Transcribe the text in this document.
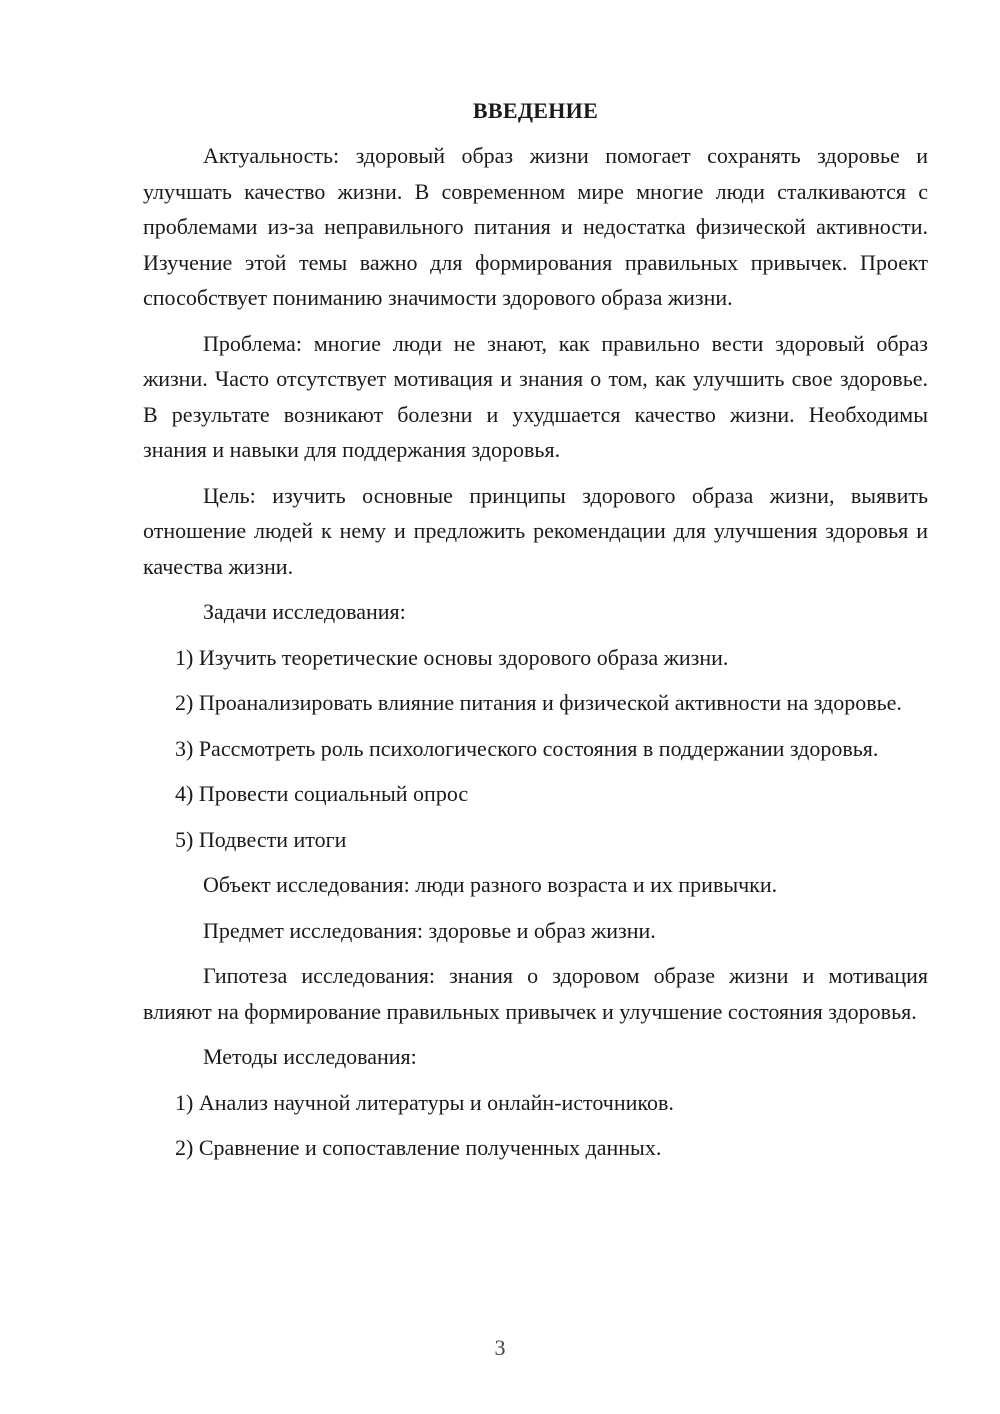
ВВЕДЕНИЕ

Актуальность: здоровый образ жизни помогает сохранять здоровье и улучшать качество жизни. В современном мире многие люди сталкиваются с проблемами из-за неправильного питания и недостатка физической активности. Изучение этой темы важно для формирования правильных привычек. Проект способствует пониманию значимости здорового образа жизни.

Проблема: многие люди не знают, как правильно вести здоровый образ жизни. Часто отсутствует мотивация и знания о том, как улучшить свое здоровье. В результате возникают болезни и ухудшается качество жизни. Необходимы знания и навыки для поддержания здоровья.

Цель: изучить основные принципы здорового образа жизни, выявить отношение людей к нему и предложить рекомендации для улучшения здоровья и качества жизни.

Задачи исследования:

1) Изучить теоретические основы здорового образа жизни.

2) Проанализировать влияние питания и физической активности на здоровье.

3) Рассмотреть роль психологического состояния в поддержании здоровья.

4) Провести социальный опрос

5) Подвести итоги

Объект исследования: люди разного возраста и их привычки.

Предмет исследования: здоровье и образ жизни.

Гипотеза исследования: знания о здоровом образе жизни и мотивация влияют на формирование правильных привычек и улучшение состояния здоровья.

Методы исследования:

1) Анализ научной литературы и онлайн-источников.

2) Сравнение и сопоставление полученных данных.

3
